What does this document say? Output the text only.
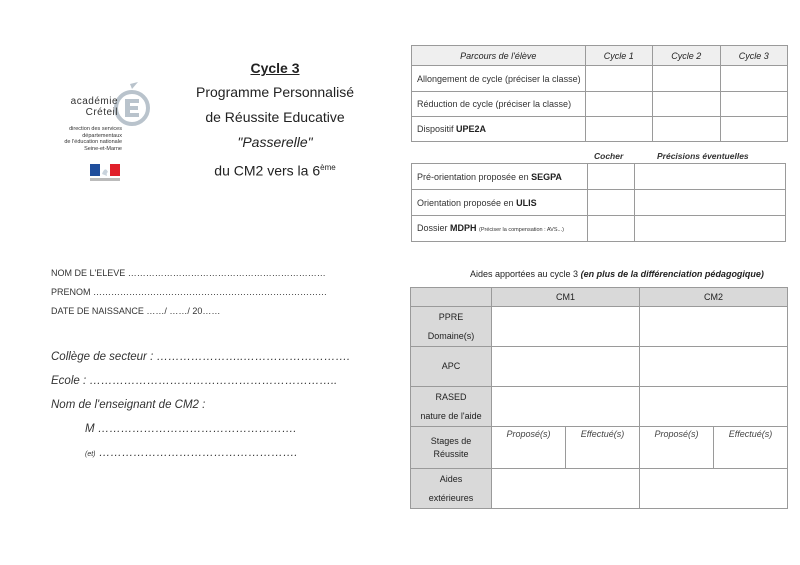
académie
Créteil
direction des services
départementaux
de l'éducation nationale
Seine-et-Marne
Cycle 3
Programme Personnalisé
de Réussite Educative
"Passerelle"
du CM2 vers la 6ème
NOM DE L'ELEVE …………………………………………………………
PRENOM ……………………………………………………………………
DATE DE NAISSANCE ……/ ……/ 20……
Collège de secteur : …………………..……………………….
Ecole : ………………………………………………………..
Nom de l'enseignant de CM2 :
M …………………………………………….
(et) …………………………………………….
Parcours de l'élève	Cycle 1	Cycle 2	Cycle 3
Allongement de cycle (préciser la classe)			
Réduction de cycle (préciser la classe)			
Dispositif UPE2A			
Cocher	Précisions éventuelles
Pré-orientation proposée en SEGPA		
Orientation proposée en ULIS		
Dossier MDPH (Préciser la compensation : AVS...)		
Aides apportées au cycle 3 (en plus de la différenciation pédagogique)
	CM1		CM2	

PPRE
Domaine(s)				

APC				

RASED
nature de l'aide				

Stages de Réussite	Proposé(s)	Effectué(s)	Proposé(s)	Effectué(s)

Aides
extérieures				
